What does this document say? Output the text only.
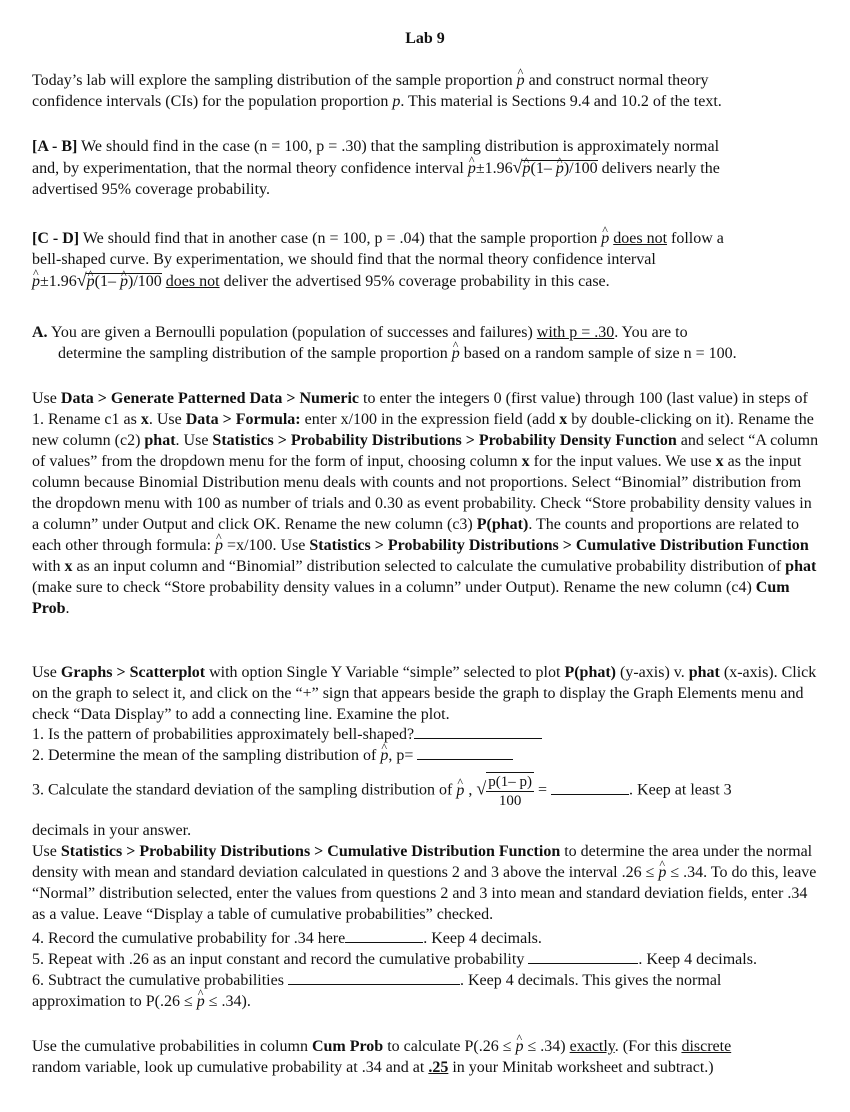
Lab 9
Today’s lab will explore the sampling distribution of the sample proportion ^ p and construct normal theory
confidence intervals (CIs) for the population proportion p. This material is Sections 9.4 and 10.2 of the text.
[A - B] We should find in the case (n = 100, p = .30) that the sampling distribution is approximately normal
and, by experimentation, that the normal theory confidence interval ^ p±1.96√^ p(1– ^ p)/100 delivers nearly the
advertised 95% coverage probability.
[C - D] We should find that in another case (n = 100, p = .04) that the sample proportion ^ p does not follow a
bell-shaped curve. By experimentation, we should find that the normal theory confidence interval
^ p±1.96√^ p(1– ^ p)/100 does not deliver the advertised 95% coverage probability in this case.
A. You are given a Bernoulli population (population of successes and failures) with p = .30. You are to
determine the sampling distribution of the sample proportion ^ p based on a random sample of size n = 100.
Use Data > Generate Patterned Data > Numeric to enter the integers 0 (first value) through 100 (last value) in steps of 1. Rename c1 as x. Use Data > Formula: enter x/100 in the expression field (add x by double-clicking on it). Rename the new column (c2) phat. Use Statistics > Probability Distributions > Probability Density Function and select “A column of values” from the dropdown menu for the form of input, choosing column x for the input values. We use x as the input column because Binomial Distribution menu deals with counts and not proportions. Select “Binomial” distribution from the dropdown menu with 100 as number of trials and 0.30 as event probability. Check “Store probability density values in a column” under Output and click OK. Rename the new column (c3) P(phat). The counts and proportions are related to each other through formula: ^ p =x/100. Use Statistics > Probability Distributions > Cumulative Distribution Function with x as an input column and “Binomial” distribution selected to calculate the cumulative probability distribution of phat (make sure to check “Store probability density values in a column” under Output). Rename the new column (c4) Cum Prob.
Use Graphs > Scatterplot with option Single Y Variable “simple” selected to plot P(phat) (y-axis) v. phat (x-axis). Click on the graph to select it, and click on the “+” sign that appears beside the graph to display the Graph Elements menu and check “Data Display” to add a connecting line. Examine the plot.
1. Is the pattern of probabilities approximately bell-shaped?
2. Determine the mean of the sampling distribution of ^ p, p=
3. Calculate the standard deviation of the sampling distribution of ^ p , √ $\frac{p(1- p)}{100}$ =	. Keep at least 3
decimals in your answer.
Use Statistics > Probability Distributions > Cumulative Distribution Function to determine the area under the normal density with mean and standard deviation calculated in questions 2 and 3 above the interval .26 ≤ ^ p ≤ .34. To do this, leave “Normal” distribution selected, enter the values from questions 2 and 3 into mean and standard deviation fields, enter .34 as a value. Leave “Display a table of cumulative probabilities” checked.
4. Record the cumulative probability for .34 here	. Keep 4 decimals.
5. Repeat with .26 as an input constant and record the cumulative probability	. Keep 4 decimals.
6. Subtract the cumulative probabilities	. Keep 4 decimals. This gives the normal
approximation to P(.26 ≤ ^ p ≤ .34).
Use the cumulative probabilities in column Cum Prob to calculate P(.26 ≤ ^ p ≤ .34) exactly. (For this discrete
random variable, look up cumulative probability at .34 and at .25 in your Minitab worksheet and subtract.)
